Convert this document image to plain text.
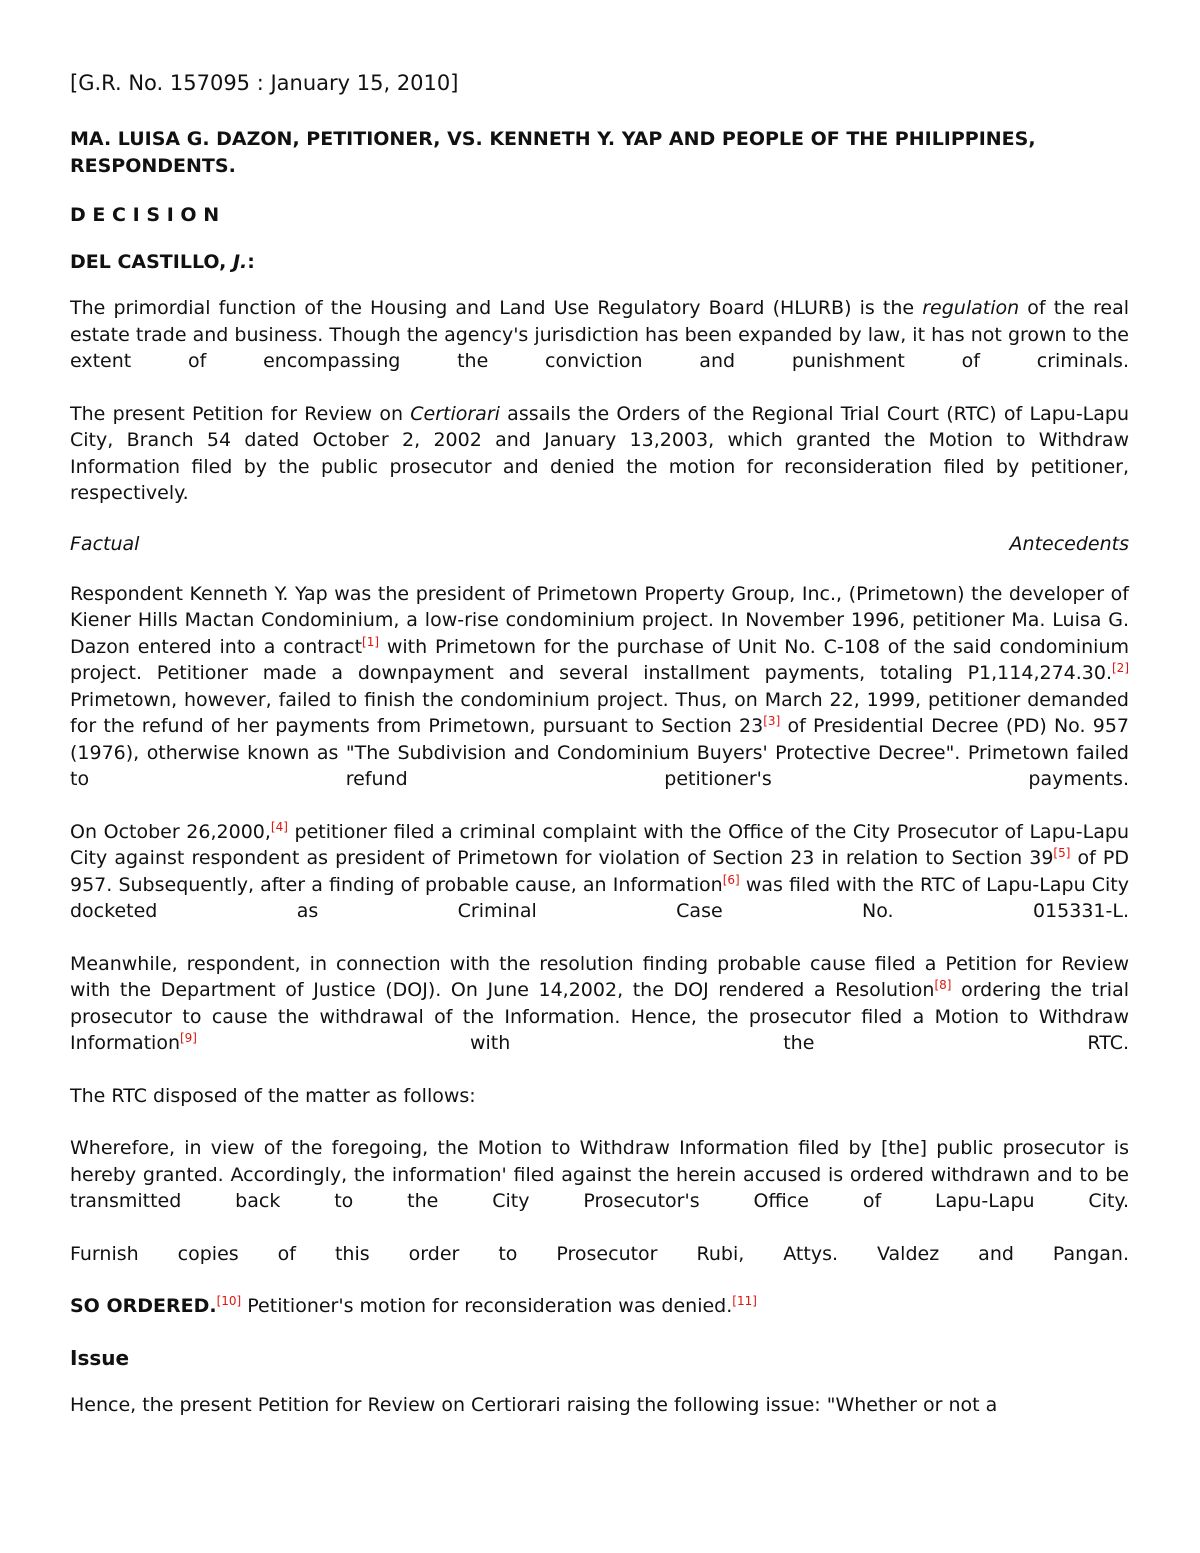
[G.R. No. 157095 : January 15, 2010]

MA. LUISA G. DAZON, PETITIONER, VS. KENNETH Y. YAP AND PEOPLE OF THE PHILIPPINES, RESPONDENTS.

DECISION

DEL CASTILLO, J.:

The primordial function of the Housing and Land Use Regulatory Board (HLURB) is the regulation of the real estate trade and business. Though the agency's jurisdiction has been expanded by law, it has not grown to the extent of encompassing the conviction and punishment of criminals.

The present Petition for Review on Certiorari assails the Orders of the Regional Trial Court (RTC) of Lapu-Lapu City, Branch 54 dated October 2, 2002 and January 13,2003, which granted the Motion to Withdraw Information filed by the public prosecutor and denied the motion for reconsideration filed by petitioner, respectively.

Factual	Antecedents

Respondent Kenneth Y. Yap was the president of Primetown Property Group, Inc., (Primetown) the developer of Kiener Hills Mactan Condominium, a low-rise condominium project. In November 1996, petitioner Ma. Luisa G. Dazon entered into a contract[1] with Primetown for the purchase of Unit No. C-108 of the said condominium project. Petitioner made a downpayment and several installment payments, totaling P1,114,274.30.[2] Primetown, however, failed to finish the condominium project. Thus, on March 22, 1999, petitioner demanded for the refund of her payments from Primetown, pursuant to Section 23[3] of Presidential Decree (PD) No. 957 (1976), otherwise known as "The Subdivision and Condominium Buyers' Protective Decree". Primetown failed to refund petitioner's payments.

On October 26,2000,[4] petitioner filed a criminal complaint with the Office of the City Prosecutor of Lapu-Lapu City against respondent as president of Primetown for violation of Section 23 in relation to Section 39[5] of PD 957. Subsequently, after a finding of probable cause, an Information[6] was filed with the RTC of Lapu-Lapu City docketed as Criminal Case No. 015331-L.

Meanwhile, respondent, in connection with the resolution finding probable cause filed a Petition for Review with the Department of Justice (DOJ). On June 14,2002, the DOJ rendered a Resolution[8] ordering the trial prosecutor to cause the withdrawal of the Information. Hence, the prosecutor filed a Motion to Withdraw Information[9] with the RTC.

The RTC disposed of the matter as follows:

Wherefore, in view of the foregoing, the Motion to Withdraw Information filed by [the] public prosecutor is hereby granted. Accordingly, the information' filed against the herein accused is ordered withdrawn and to be transmitted back to the City Prosecutor's Office of Lapu-Lapu City.

Furnish copies of this order to Prosecutor Rubi, Attys. Valdez and Pangan.

SO ORDERED.[10] Petitioner's motion for reconsideration was denied.[11]

Issue

Hence, the present Petition for Review on Certiorari raising the following issue: "Whether or not a
